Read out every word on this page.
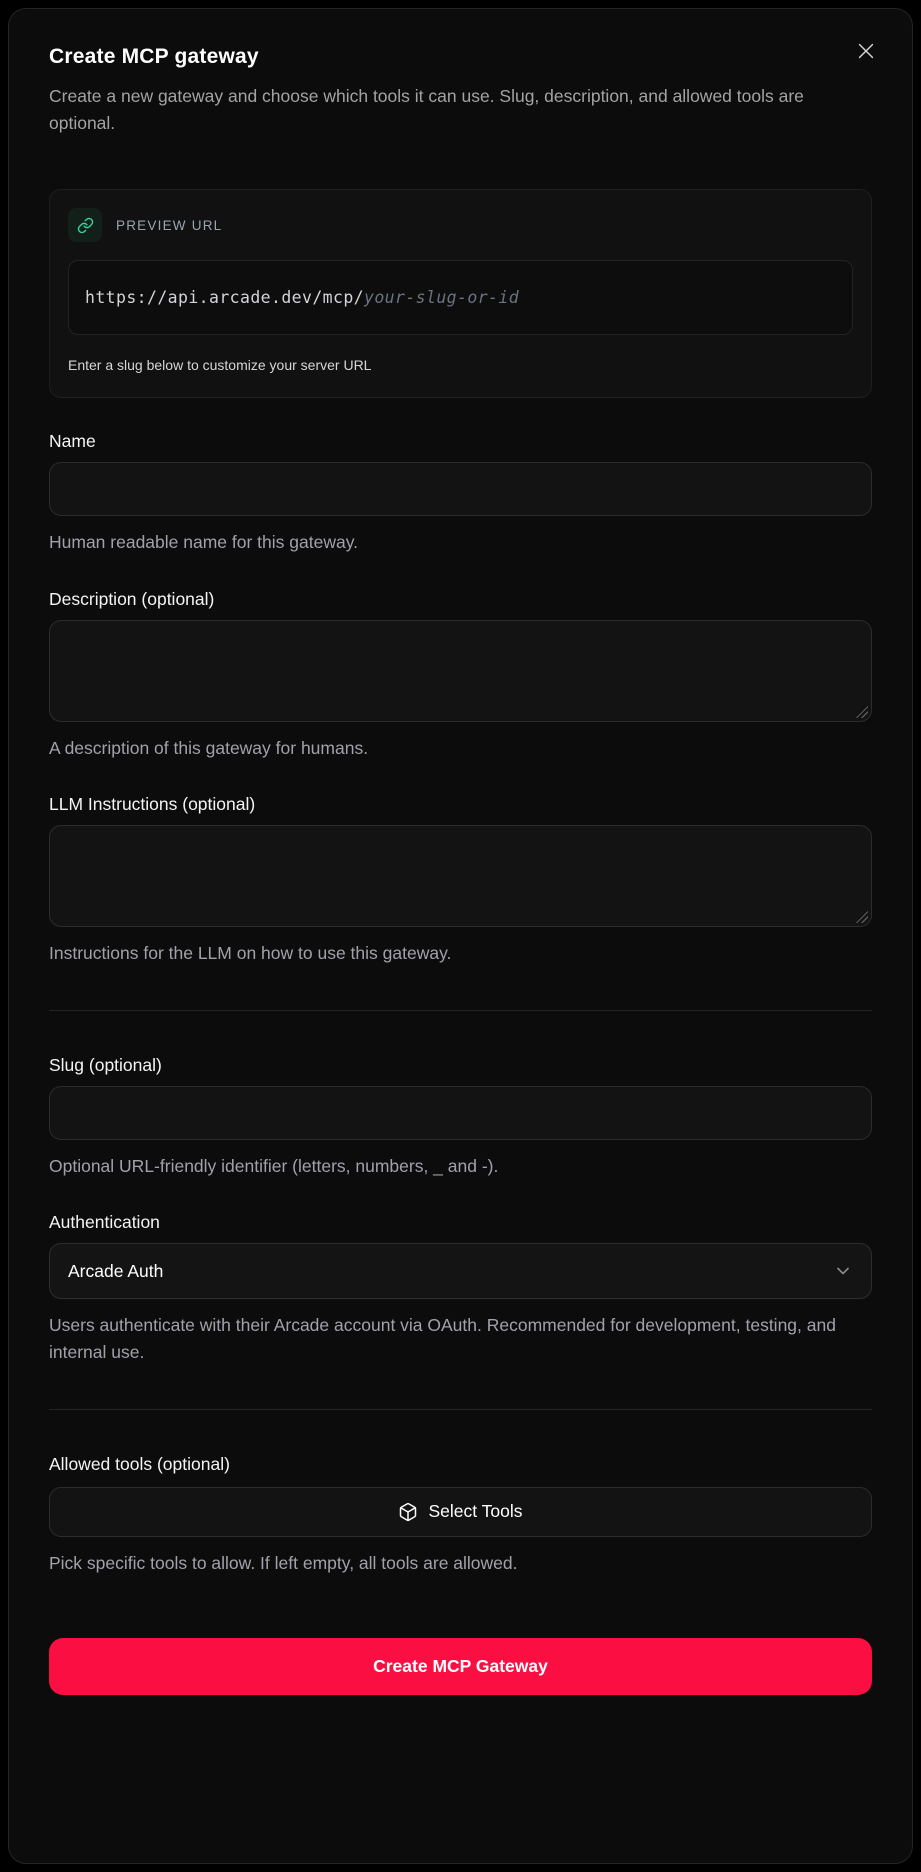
Create MCP gateway

Create a new gateway and choose which tools it can use. Slug, description, and allowed tools are optional.

PREVIEW URL
https://api.arcade.dev/mcp/your-slug-or-id
Enter a slug below to customize your server URL
Name
Human readable name for this gateway.
Description (optional)
A description of this gateway for humans.
LLM Instructions (optional)
Instructions for the LLM on how to use this gateway.
Slug (optional)
Optional URL-friendly identifier (letters, numbers, _ and -).
Authentication
Arcade Auth
Users authenticate with their Arcade account via OAuth. Recommended for development, testing, and internal use.
Allowed tools (optional)
Select Tools
Pick specific tools to allow. If left empty, all tools are allowed.
Create MCP Gateway
